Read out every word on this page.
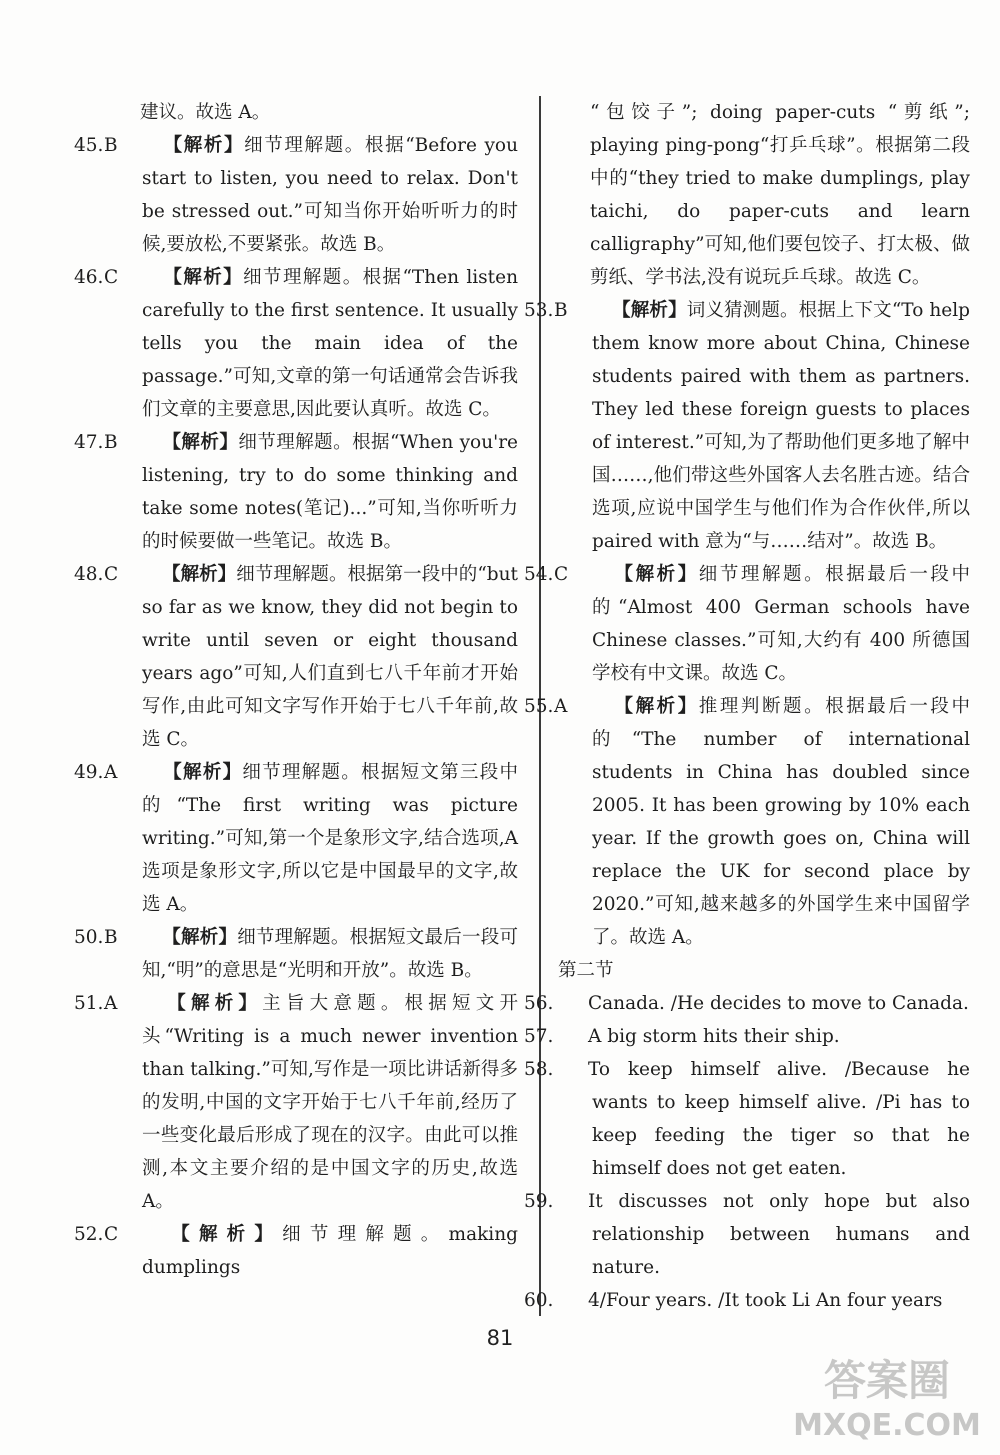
建议。故选 A。

45.B 【解析】细节理解题。根据“Before you start to listen, you need to relax. Don't be stressed out.”可知当你开始听听力的时候,要放松,不要紧张。故选 B。

46.C 【解析】细节理解题。根据“Then listen carefully to the first sentence. It usually tells you the main idea of the passage.”可知,文章的第一句话通常会告诉我们文章的主要意思,因此要认真听。故选 C。

47.B 【解析】细节理解题。根据“When you're listening, try to do some thinking and take some notes(笔记)...”可知,当你听听力的时候要做一些笔记。故选 B。

48.C 【解析】细节理解题。根据第一段中的“but so far as we know, they did not begin to write until seven or eight thousand years ago”可知,人们直到七八千年前才开始写作,由此可知文字写作开始于七八千年前,故选 C。

49.A 【解析】细节理解题。根据短文第三段中的“The first writing was picture writing.”可知,第一个是象形文字,结合选项,A 选项是象形文字,所以它是中国最早的文字,故选 A。

50.B 【解析】细节理解题。根据短文最后一段可知,“明”的意思是“光明和开放”。故选 B。

51.A 【解析】主旨大意题。根据短文开头“Writing is a much newer invention than talking.”可知,写作是一项比讲话新得多的发明,中国的文字开始于七八千年前,经历了一些变化最后形成了现在的汉字。由此可以推测,本文主要介绍的是中国文字的历史,故选 A。

52.C 【解析】细节理解题。making dumplings

“包饺子”; doing paper-cuts “剪纸”; playing ping-pong“打乒乓球”。根据第二段中的“they tried to make dumplings, play taichi, do paper-cuts and learn calligraphy”可知,他们要包饺子、打太极、做剪纸、学书法,没有说玩乒乓球。故选 C。

53.B 【解析】词义猜测题。根据上下文“To help them know more about China, Chinese students paired with them as partners. They led these foreign guests to places of interest.”可知,为了帮助他们更多地了解中国……,他们带这些外国客人去名胜古迹。结合选项,应说中国学生与他们作为合作伙伴,所以 paired with 意为“与……结对”。故选 B。

54.C 【解析】细节理解题。根据最后一段中的“Almost 400 German schools have Chinese classes.”可知,大约有 400 所德国学校有中文课。故选 C。

55.A 【解析】推理判断题。根据最后一段中的“The number of international students in China has doubled since 2005. It has been growing by 10% each year. If the growth goes on, China will replace the UK for second place by 2020.”可知,越来越多的外国学生来中国留学了。故选 A。

第二节

56. Canada. /He decides to move to Canada.

57. A big storm hits their ship.

58. To keep himself alive. /Because he wants to keep himself alive. /Pi has to keep feeding the tiger so that he himself does not get eaten.

59. It discusses not only hope but also relationship between humans and nature.

60. 4/Four years. /It took Li An four years

81
答案圈
MXQE.COM
